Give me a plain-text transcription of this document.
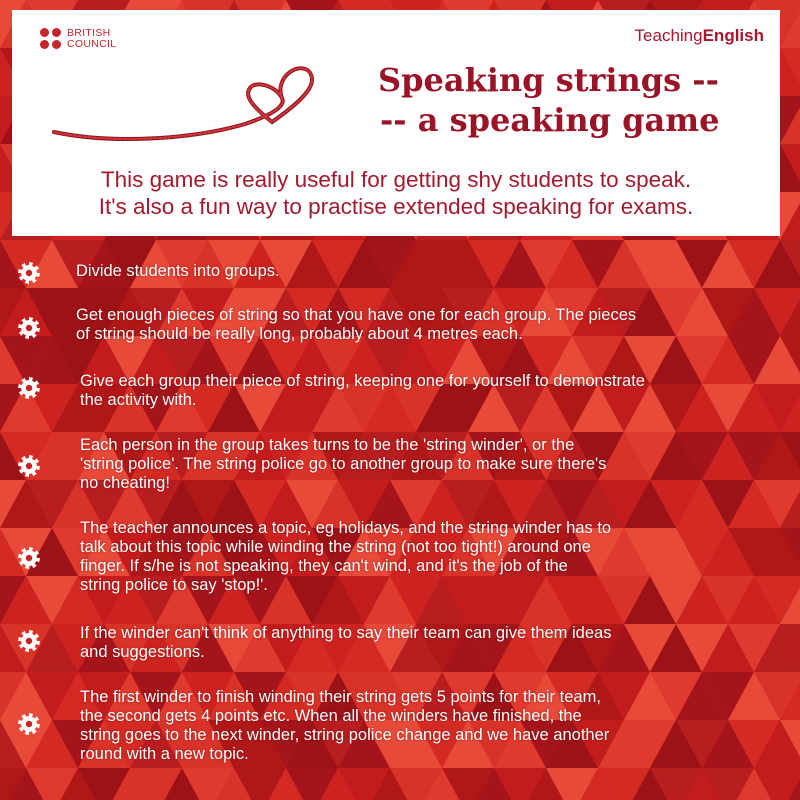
BRITISH
COUNCIL	TeachingEnglish
Speaking strings --
-- a speaking game
This game is really useful for getting shy students to speak.
It's also a fun way to practise extended speaking for exams.
Divide students into groups.
Get enough pieces of string so that you have one for each group. The pieces
of string should be really long, probably about 4 metres each.
Give each group their piece of string, keeping one for yourself to demonstrate
the activity with.
Each person in the group takes turns to be the 'string winder', or the
'string police'. The string police go to another group to make sure there's
no cheating!
The teacher announces a topic, eg holidays, and the string winder has to
talk about this topic while winding the string (not too tight!) around one
finger. If s/he is not speaking, they can't wind, and it's the job of the
string police to say 'stop!'.
If the winder can't think of anything to say their team can give them ideas
and suggestions.
The first winder to finish winding their string gets 5 points for their team,
the second gets 4 points etc. When all the winders have finished, the
string goes to the next winder, string police change and we have another
round with a new topic.
